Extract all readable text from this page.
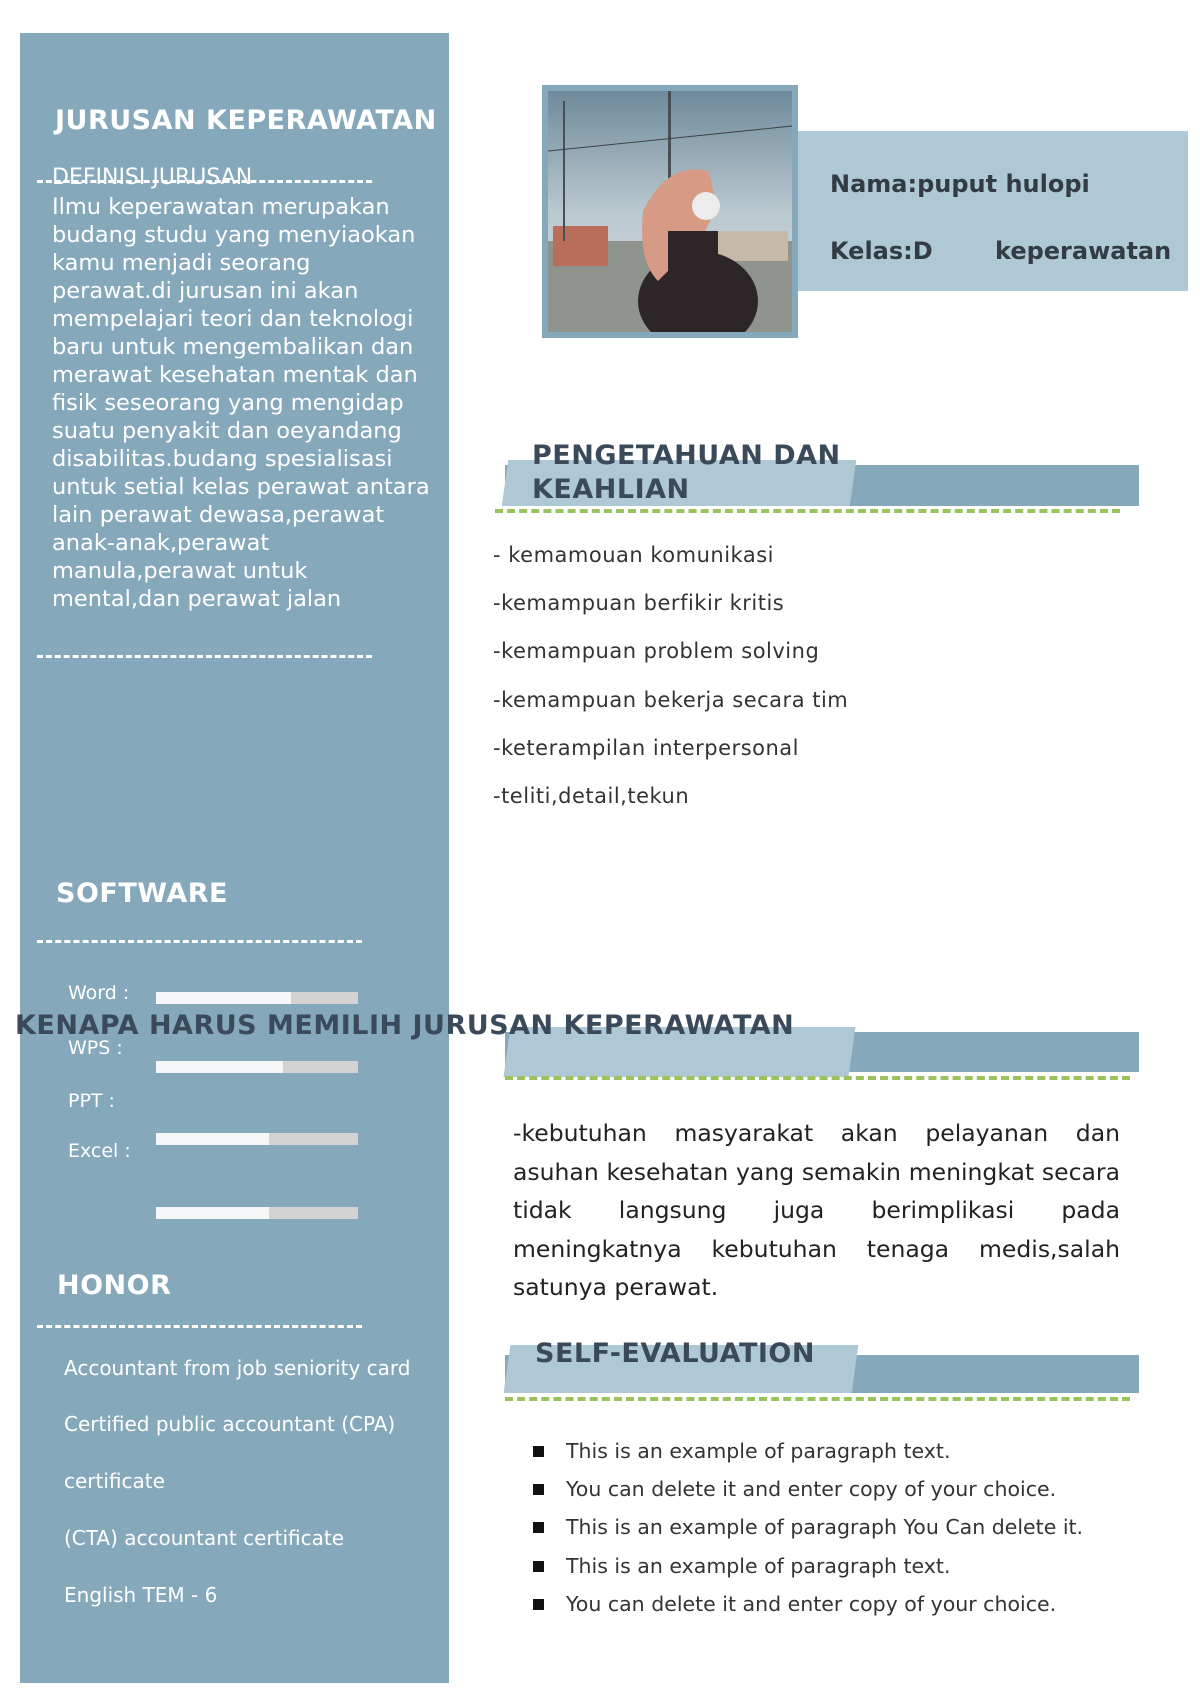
JURUSAN KEPERAWATAN
DEFINISI JURUSAN
Ilmu keperawatan merupakan budang studu yang menyiaokan kamu menjadi seorang perawat.di jurusan ini akan mempelajari teori dan teknologi baru untuk mengembalikan dan merawat kesehatan mentak dan fisik seseorang yang mengidap suatu penyakit dan oeyandang disabilitas.budang spesialisasi untuk setial kelas perawat antara lain perawat dewasa,perawat anak-anak,perawat manula,perawat untuk mental,dan perawat jalan
SOFTWARE
Word :
WPS :
PPT :
Excel :
HONOR
Accountant from job seniority card
Certified public accountant (CPA)
certificate
(CTA) accountant certificate
English TEM - 6
Nama:puput hulopi
Kelas:D	keperawatan
PENGETAHUAN DAN
KEAHLIAN
- kemamouan komunikasi
-kemampuan berfikir kritis
-kemampuan problem solving
-kemampuan bekerja secara tim
-keterampilan interpersonal
-teliti,detail,tekun
KENAPA HARUS MEMILIH JURUSAN KEPERAWATAN
-kebutuhan masyarakat akan pelayanan dan asuhan kesehatan yang semakin meningkat secara tidak langsung juga berimplikasi pada meningkatnya kebutuhan tenaga medis,salah satunya perawat.
SELF-EVALUATION
This is an example of paragraph text.
You can delete it and enter copy of your choice.
This is an example of paragraph You Can delete it.
This is an example of paragraph text.
You can delete it and enter copy of your choice.
